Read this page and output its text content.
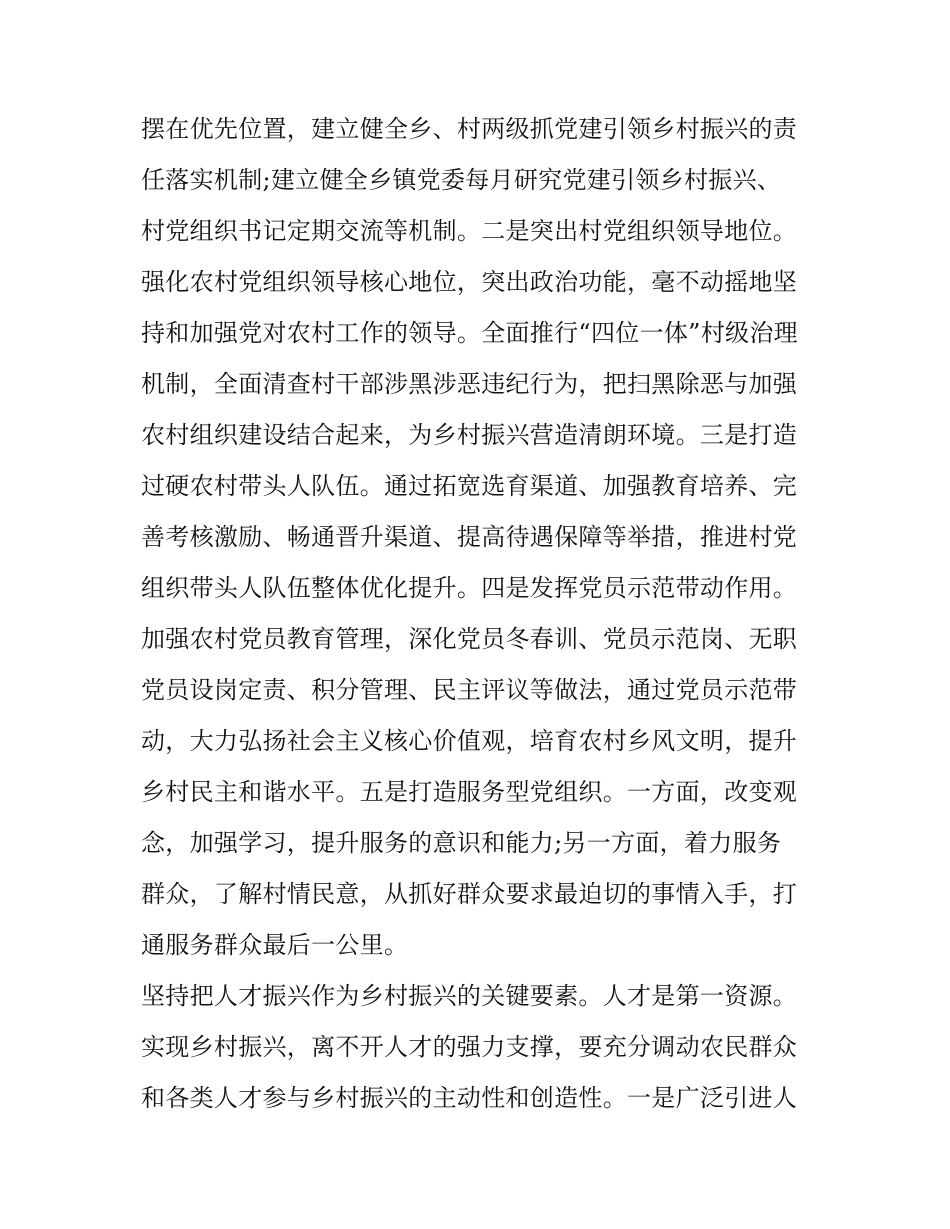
摆在优先位置，建立健全乡、村两级抓党建引领乡村振兴的责
任落实机制;建立健全乡镇党委每月研究党建引领乡村振兴、
村党组织书记定期交流等机制。二是突出村党组织领导地位。
强化农村党组织领导核心地位，突出政治功能，毫不动摇地坚
持和加强党对农村工作的领导。全面推行“四位一体”村级治理
机制，全面清查村干部涉黑涉恶违纪行为，把扫黑除恶与加强
农村组织建设结合起来，为乡村振兴营造清朗环境。三是打造
过硬农村带头人队伍。通过拓宽选育渠道、加强教育培养、完
善考核激励、畅通晋升渠道、提高待遇保障等举措，推进村党
组织带头人队伍整体优化提升。四是发挥党员示范带动作用。
加强农村党员教育管理，深化党员冬春训、党员示范岗、无职
党员设岗定责、积分管理、民主评议等做法，通过党员示范带
动，大力弘扬社会主义核心价值观，培育农村乡风文明，提升
乡村民主和谐水平。五是打造服务型党组织。一方面，改变观
念，加强学习，提升服务的意识和能力;另一方面，着力服务
群众，了解村情民意，从抓好群众要求最迫切的事情入手，打
通服务群众最后一公里。
坚持把人才振兴作为乡村振兴的关键要素。人才是第一资源。
实现乡村振兴，离不开人才的强力支撑，要充分调动农民群众
和各类人才参与乡村振兴的主动性和创造性。一是广泛引进人
